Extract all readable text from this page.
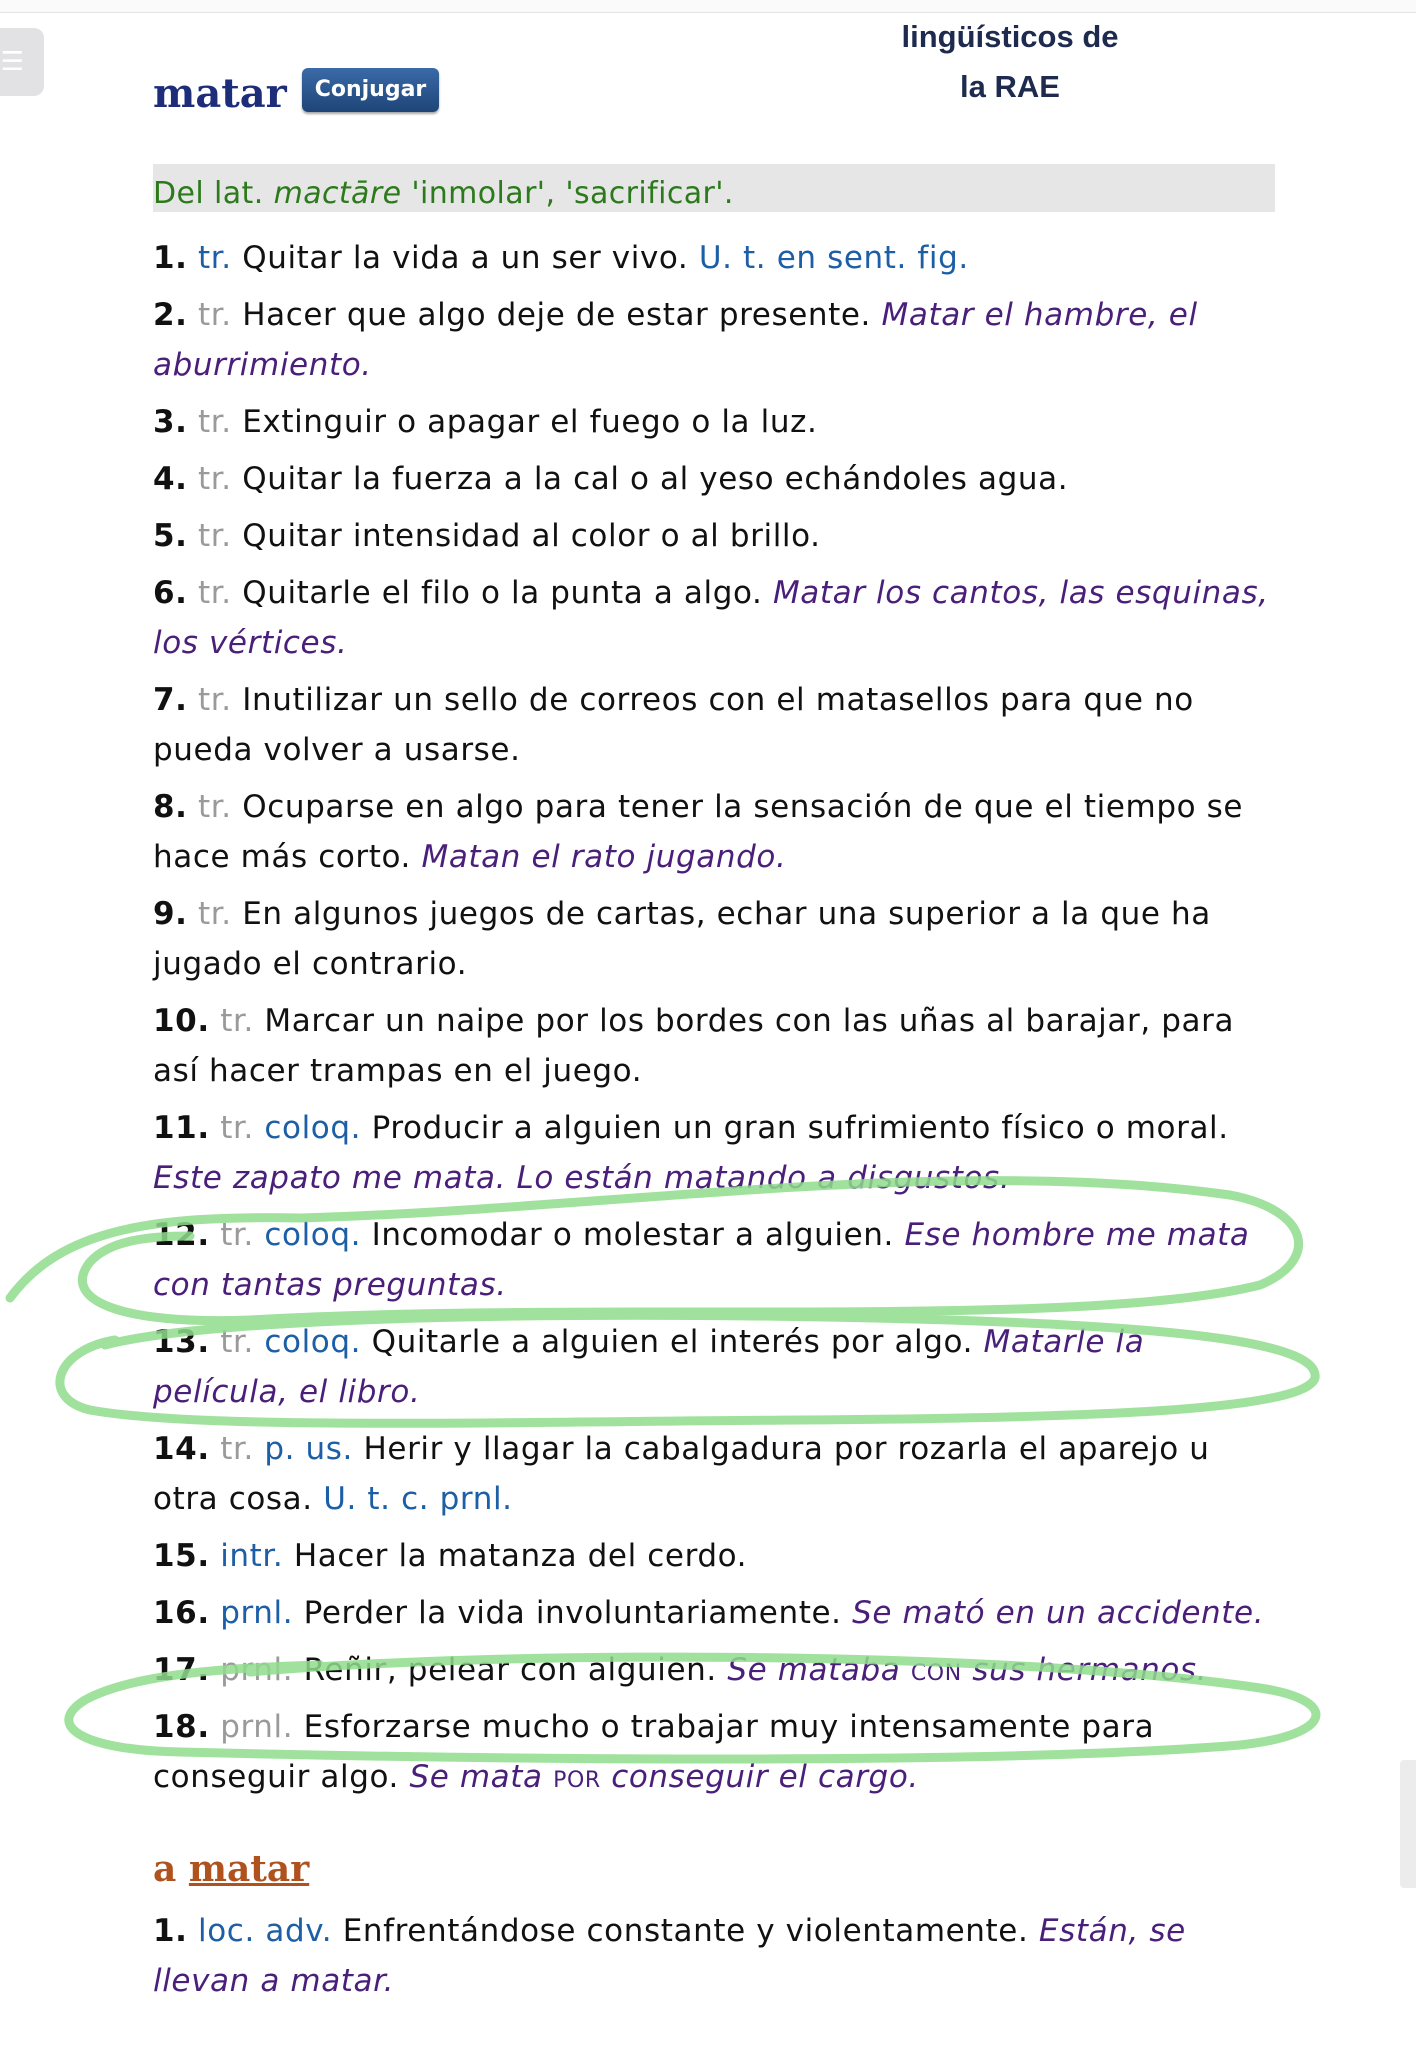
☰
lingüísticos de
la RAE
matar	Conjugar
Del lat. mactāre 'inmolar', 'sacrificar'.
1. tr. Quitar la vida a un ser vivo. U. t. en sent. fig.
2. tr. Hacer que algo deje de estar presente. Matar el hambre, el aburrimiento.
3. tr. Extinguir o apagar el fuego o la luz.
4. tr. Quitar la fuerza a la cal o al yeso echándoles agua.
5. tr. Quitar intensidad al color o al brillo.
6. tr. Quitarle el filo o la punta a algo. Matar los cantos, las esquinas, los vértices.
7. tr. Inutilizar un sello de correos con el matasellos para que no pueda volver a usarse.
8. tr. Ocuparse en algo para tener la sensación de que el tiempo se hace más corto. Matan el rato jugando.
9. tr. En algunos juegos de cartas, echar una superior a la que ha jugado el contrario.
10. tr. Marcar un naipe por los bordes con las uñas al barajar, para así hacer trampas en el juego.
11. tr. coloq. Producir a alguien un gran sufrimiento físico o moral. Este zapato me mata. Lo están matando a disgustos.
12. tr. coloq. Incomodar o molestar a alguien. Ese hombre me mata con tantas preguntas.
13. tr. coloq. Quitarle a alguien el interés por algo. Matarle la película, el libro.
14. tr. p. us. Herir y llagar la cabalgadura por rozarla el aparejo u otra cosa. U. t. c. prnl.
15. intr. Hacer la matanza del cerdo.
16. prnl. Perder la vida involuntariamente. Se mató en un accidente.
17. prnl. Reñir, pelear con alguien. Se mataba con sus hermanos.
18. prnl. Esforzarse mucho o trabajar muy intensamente para conseguir algo. Se mata por conseguir el cargo.
a matar
1. loc. adv. Enfrentándose constante y violentamente. Están, se llevan a matar.
